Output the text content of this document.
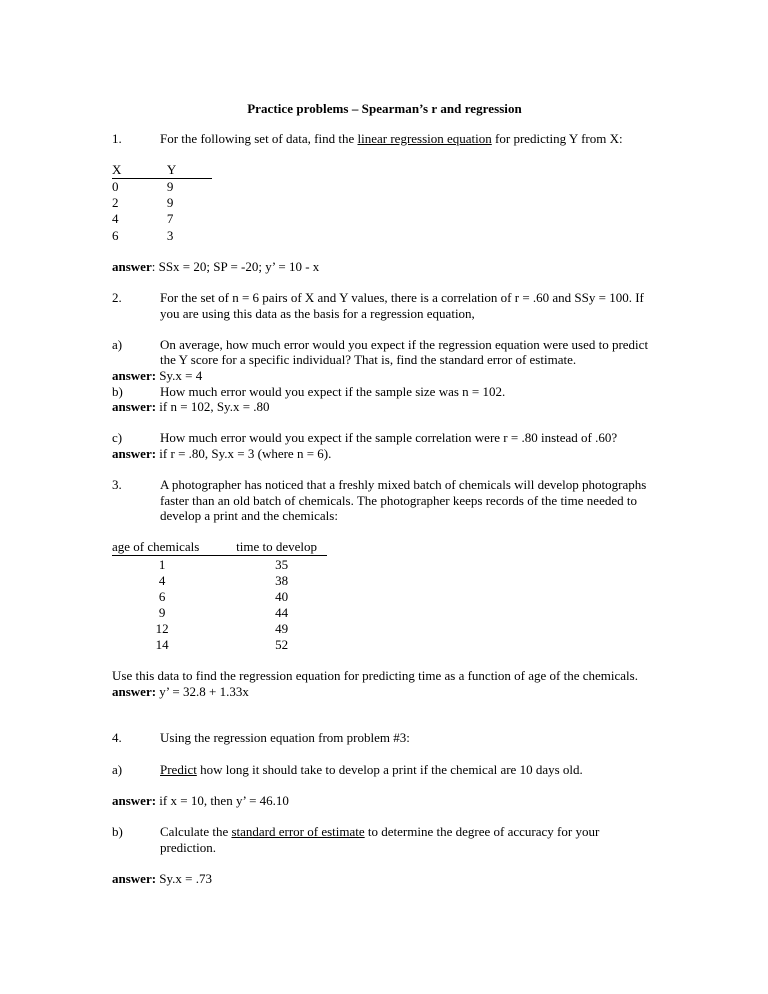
Practice problems – Spearman’s r and regression
1.	For the following set of data, find the linear regression equation for predicting Y from X:
X	Y
0	9
2	9
4	7
6	3

answer: SSx = 20; SP = -20; y’ = 10 - x

2.	For the set of n = 6 pairs of X and Y values, there is a correlation of r = .60 and SSy = 100. If you are using this data as the basis for a regression equation,
a)	On average, how much error would you expect if the regression equation were used to predict the Y score for a specific individual? That is, find the standard error of estimate.

answer: Sy.x = 4

b)	How much error would you expect if the sample size was n = 102.

answer: if n = 102, Sy.x = .80

c)	How much error would you expect if the sample correlation were r = .80 instead of .60?

answer: if r = .80, Sy.x = 3 (where n = 6).

3.	A photographer has noticed that a freshly mixed batch of chemicals will develop photographs faster than an old batch of chemicals. The photographer keeps records of the time needed to develop a print and the chemicals:
age of chemicals	time to develop
1	35
4	38
6	40
9	44
12	49
14	52

Use this data to find the regression equation for predicting time as a function of age of the chemicals.

answer: y’ = 32.8 + 1.33x

4.	Using the regression equation from problem #3:
a)	Predict how long it should take to develop a print if the chemical are 10 days old.

answer: if x = 10, then y’ = 46.10

b)	Calculate the standard error of estimate to determine the degree of accuracy for your prediction.

answer: Sy.x = .73
